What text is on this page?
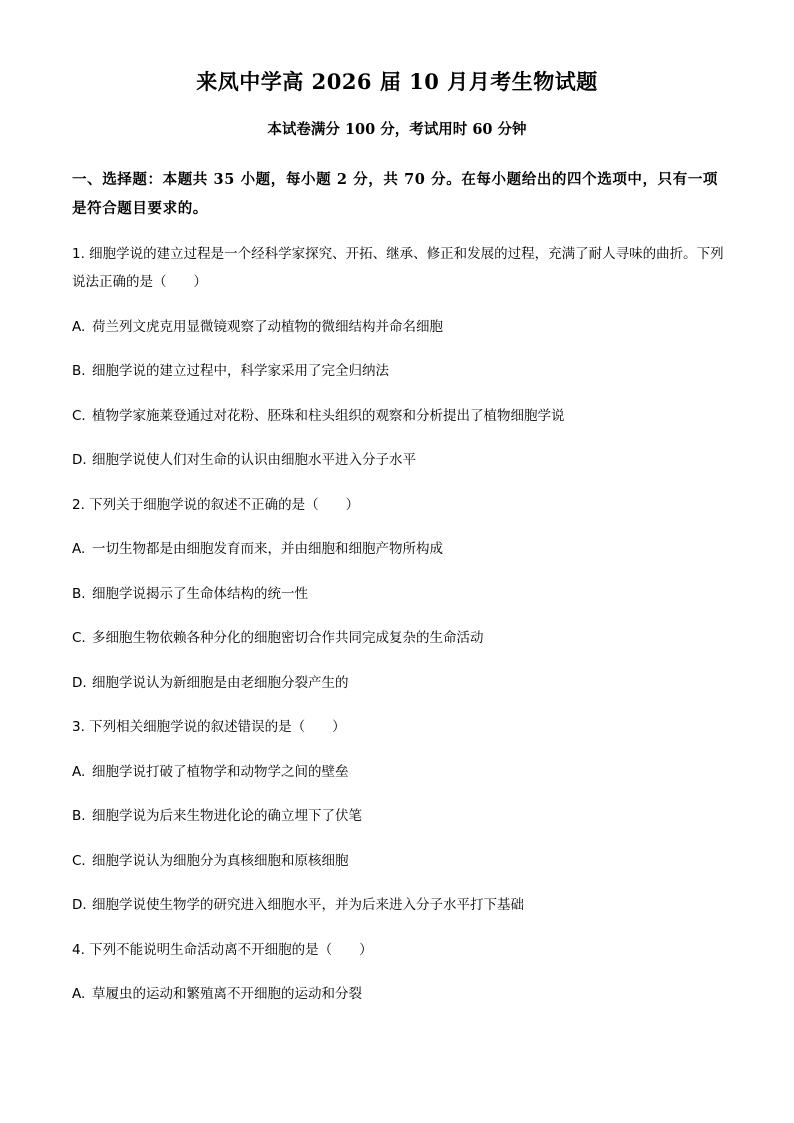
来凤中学高 2026 届 10 月月考生物试题
本试卷满分 100 分，考试用时 60 分钟
一、选择题：本题共 35 小题，每小题 2 分，共 70 分。在每小题给出的四个选项中，只有一项是符合题目要求的。

1. 细胞学说的建立过程是一个经科学家探究、开拓、继承、修正和发展的过程，充满了耐人寻味的曲折。下列说法正确的是（　　）

A. 荷兰列文虎克用显微镜观察了动植物的微细结构并命名细胞

B. 细胞学说的建立过程中，科学家采用了完全归纳法

C. 植物学家施莱登通过对花粉、胚珠和柱头组织的观察和分析提出了植物细胞学说

D. 细胞学说使人们对生命的认识由细胞水平进入分子水平

2. 下列关于细胞学说的叙述不正确的是（　　）

A. 一切生物都是由细胞发育而来，并由细胞和细胞产物所构成

B. 细胞学说揭示了生命体结构的统一性

C. 多细胞生物依赖各种分化的细胞密切合作共同完成复杂的生命活动

D. 细胞学说认为新细胞是由老细胞分裂产生的

3. 下列相关细胞学说的叙述错误的是（　　）

A. 细胞学说打破了植物学和动物学之间的壁垒

B. 细胞学说为后来生物进化论的确立埋下了伏笔

C. 细胞学说认为细胞分为真核细胞和原核细胞

D. 细胞学说使生物学的研究进入细胞水平，并为后来进入分子水平打下基础

4. 下列不能说明生命活动离不开细胞的是（　　）

A. 草履虫的运动和繁殖离不开细胞的运动和分裂
